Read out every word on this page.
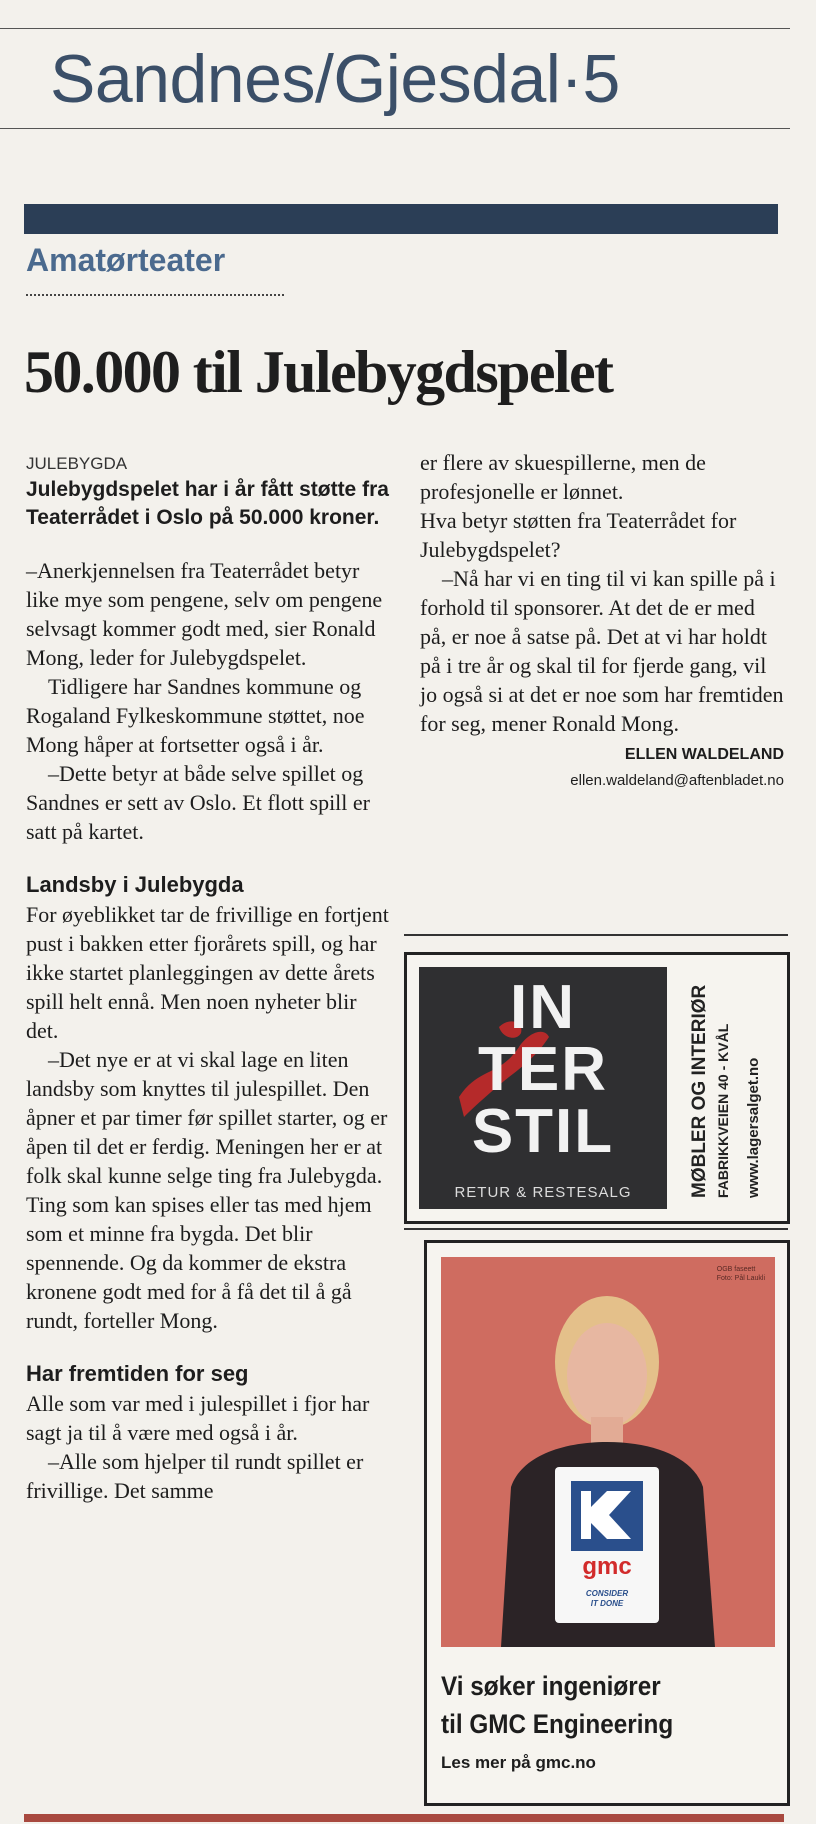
Sandnes/Gjesdal·5
Amatørteater
50.000 til Julebygdspelet

JULEBYGDA

Julebygdspelet har i år fått støtte fra Teaterrådet i Oslo på 50.000 kroner.

–Anerkjennelsen fra Teaterrådet betyr like mye som pengene, selv om pengene selvsagt kommer godt med, sier Ronald Mong, leder for Julebygdspelet.

Tidligere har Sandnes kommune og Rogaland Fylkeskommune støttet, noe Mong håper at fortsetter også i år.

–Dette betyr at både selve spillet og Sandnes er sett av Oslo. Et flott spill er satt på kartet.

Landsby i Julebygda

For øyeblikket tar de frivillige en fortjent pust i bakken etter fjorårets spill, og har ikke startet planleggingen av dette årets spill helt ennå. Men noen nyheter blir det.

–Det nye er at vi skal lage en liten landsby som knyttes til julespillet. Den åpner et par timer før spillet starter, og er åpen til det er ferdig. Meningen her er at folk skal kunne selge ting fra Julebygda. Ting som kan spises eller tas med hjem som et minne fra bygda. Det blir spennende. Og da kommer de ekstra kronene godt med for å få det til å gå rundt, forteller Mong.

Har fremtiden for seg

Alle som var med i julespillet i fjor har sagt ja til å være med også i år.

–Alle som hjelper til rundt spillet er frivillige. Det samme

er flere av skuespillerne, men de profesjonelle er lønnet.

Hva betyr støtten fra Teaterrådet for Julebygdspelet?

–Nå har vi en ting til vi kan spille på i forhold til sponsorer. At det de er med på, er noe å satse på. Det at vi har holdt på i tre år og skal til for fjerde gang, vil jo også si at det er noe som har fremtiden for seg, mener Ronald Mong.

ELLEN WALDELAND

ellen.waldeland@aftenbladet.no

IN
TER
STIL
RETUR & RESTESALG	MØBLER OG INTERIØR FABRIKKVEIEN 40 - KVÅL www.lagersalget.no
OGB faseett
Foto: Pål Laukli
gmc
CONSIDER
IT DONE
Vi søker ingeniører
til GMC Engineering
Les mer på gmc.no
